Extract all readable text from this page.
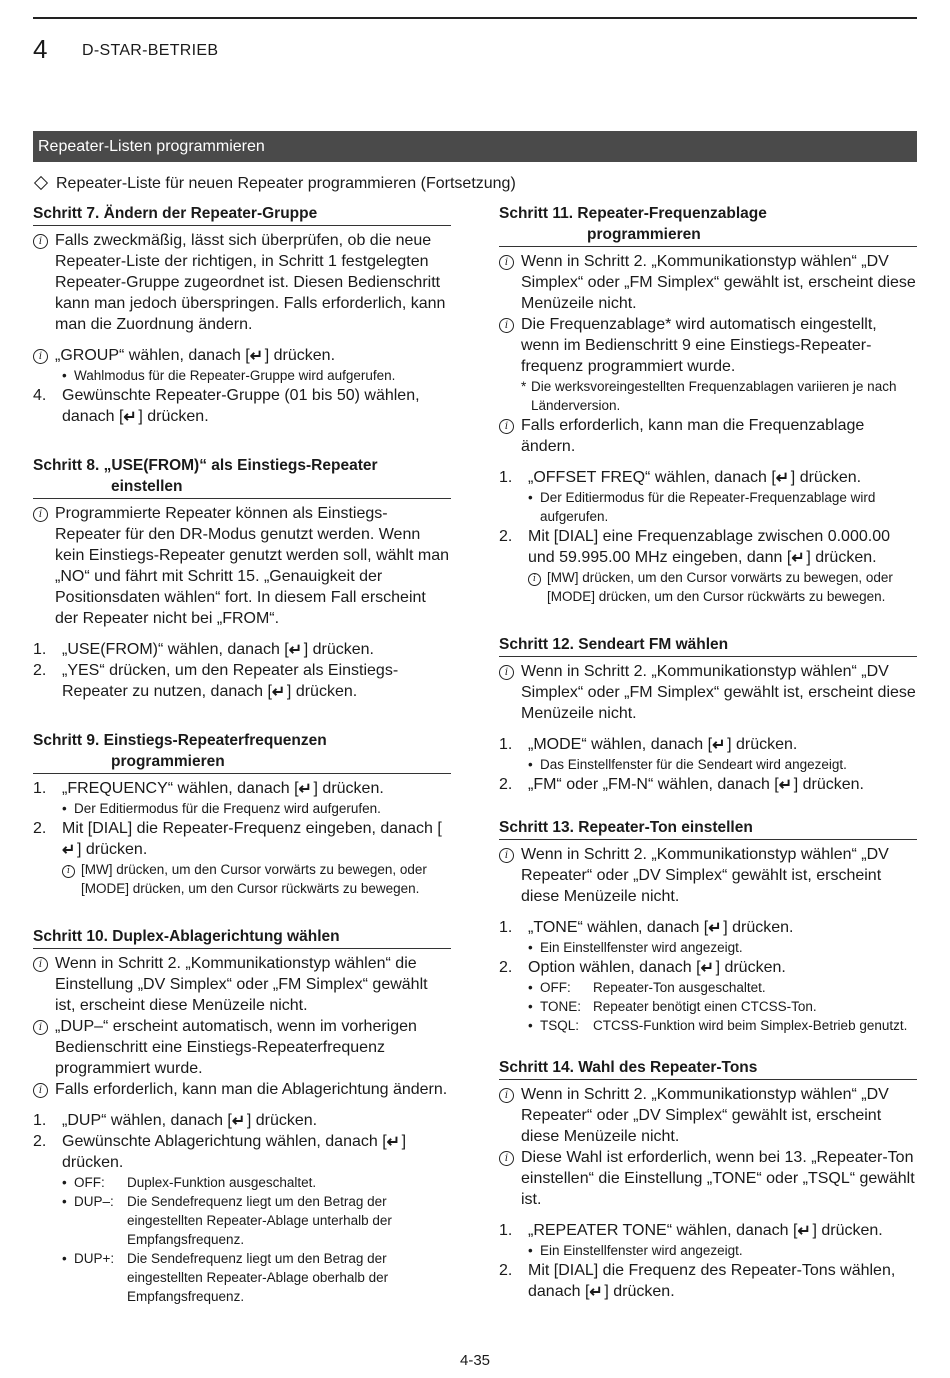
4 D-STAR-BETRIEB
Repeater-Listen programmieren
Repeater-Liste für neuen Repeater programmieren (Fortsetzung)
Schritt 7. Ändern der Repeater-Gruppe
i Falls zweckmäßig, lässt sich überprüfen, ob die neue Repeater-Liste der richtigen, in Schritt 1 festgelegten Repeater-Gruppe zugeordnet ist. Diesen Bedienschritt kann man jedoch überspringen. Falls erforderlich, kann man die Zuordnung ändern.
i „GROUP“ wählen, danach [↵] drücken.
• Wahlmodus für die Repeater-Gruppe wird aufgerufen.
4. Gewünschte Repeater-Gruppe (01 bis 50) wählen, danach [↵] drücken.
Schritt 8. „USE(FROM)“ als Einstiegs-Repeater
einstellen
i Programmierte Repeater können als Einstiegs-Repeater für den DR-Modus genutzt werden. Wenn kein Einstiegs-Repeater genutzt werden soll, wählt man „NO“ und fährt mit Schritt 15. „Genauigkeit der Positionsdaten wählen“ fort. In diesem Fall erscheint der Repeater nicht bei „FROM“.
1. „USE(FROM)“ wählen, danach [↵] drücken.
2. „YES“ drücken, um den Repeater als Einstiegs-Repeater zu nutzen, danach [↵] drücken.
Schritt 9. Einstiegs-Repeaterfrequenzen
programmieren
1. „FREQUENCY“ wählen, danach [↵] drücken.
• Der Editiermodus für die Frequenz wird aufgerufen.
2. Mit [DIAL] die Repeater-Frequenz eingeben, danach [↵] drücken.
i [MW] drücken, um den Cursor vorwärts zu bewegen, oder [MODE] drücken, um den Cursor rückwärts zu bewegen.
Schritt 10. Duplex-Ablagerichtung wählen
i Wenn in Schritt 2. „Kommunikationstyp wählen“ die Einstellung „DV Simplex“ oder „FM Simplex“ gewählt ist, erscheint diese Menüzeile nicht.
i „DUP–“ erscheint automatisch, wenn im vorherigen Bedienschritt eine Einstiegs-Repeaterfrequenz programmiert wurde.
i Falls erforderlich, kann man die Ablagerichtung ändern.
1. „DUP“ wählen, danach [↵] drücken.
2. Gewünschte Ablagerichtung wählen, danach [↵] drücken.
• OFF:	Duplex-Funktion ausgeschaltet.
• DUP–: Die Sendefrequenz liegt um den Betrag der eingestellten Repeater-Ablage unterhalb der Empfangsfrequenz.
• DUP+: Die Sendefrequenz liegt um den Betrag der eingestellten Repeater-Ablage oberhalb der Empfangsfrequenz.
Schritt 11. Repeater-Frequenzablage
programmieren
i Wenn in Schritt 2. „Kommunikationstyp wählen“ „DV Simplex“ oder „FM Simplex“ gewählt ist, erscheint diese Menüzeile nicht.
i Die Frequenzablage* wird automatisch eingestellt, wenn im Bedienschritt 9 eine Einstiegs-Repeaterfrequenz programmiert wurde.
* Die werksvoreingestellten Frequenzablagen variieren je nach Länderversion.
i Falls erforderlich, kann man die Frequenzablage ändern.
1. „OFFSET FREQ“ wählen, danach [↵] drücken.
• Der Editiermodus für die Repeater-Frequenzablage wird aufgerufen.
2. Mit [DIAL] eine Frequenzablage zwischen 0.000.00 und 59.995.00 MHz eingeben, dann [↵] drücken.
i [MW] drücken, um den Cursor vorwärts zu bewegen, oder [MODE] drücken, um den Cursor rückwärts zu bewegen.
Schritt 12. Sendeart FM wählen
i Wenn in Schritt 2. „Kommunikationstyp wählen“ „DV Simplex“ oder „FM Simplex“ gewählt ist, erscheint diese Menüzeile nicht.
1. „MODE“ wählen, danach [↵] drücken.
• Das Einstellfenster für die Sendeart wird angezeigt.
2. „FM“ oder „FM-N“ wählen, danach [↵] drücken.
Schritt 13. Repeater-Ton einstellen
i Wenn in Schritt 2. „Kommunikationstyp wählen“ „DV Repeater“ oder „DV Simplex“ gewählt ist, erscheint diese Menüzeile nicht.
1. „TONE“ wählen, danach [↵] drücken.
• Ein Einstellfenster wird angezeigt.
2. Option wählen, danach [↵] drücken.
• OFF:	Repeater-Ton ausgeschaltet.
• TONE: Repeater benötigt einen CTCSS-Ton.
• TSQL:	CTCSS-Funktion wird beim Simplex-Betrieb genutzt.
Schritt 14. Wahl des Repeater-Tons
i Wenn in Schritt 2. „Kommunikationstyp wählen“ „DV Repeater“ oder „DV Simplex“ gewählt ist, erscheint diese Menüzeile nicht.
i Diese Wahl ist erforderlich, wenn bei 13. „Repeater-Ton einstellen“ die Einstellung „TONE“ oder „TSQL“ gewählt ist.
1. „REPEATER TONE“ wählen, danach [↵] drücken.
• Ein Einstellfenster wird angezeigt.
2. Mit [DIAL] die Frequenz des Repeater-Tons wählen, danach [↵] drücken.
4-35
